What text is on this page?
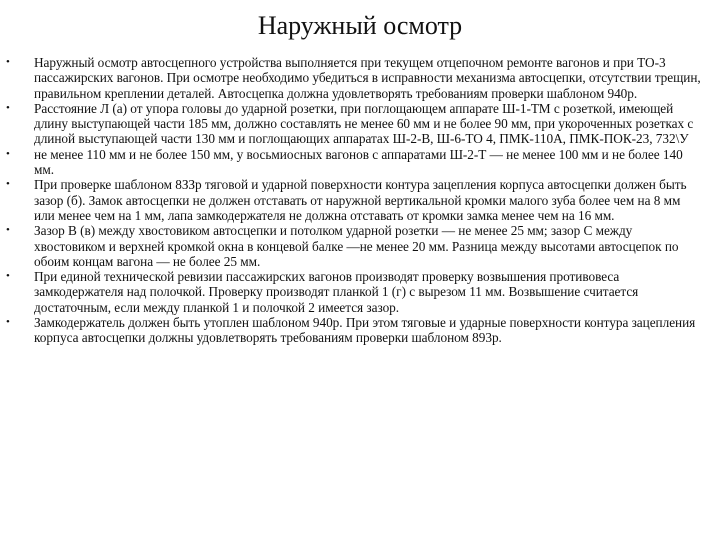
Наружный осмотр
• Наружный осмотр автосцепного устройства выполняется при текущем отцепочном ремонте вагонов и при ТО-3 пассажирских вагонов. При осмотре необходимо убедиться в исправности механизма автосцепки, отсутствии трещин, правильном креплении деталей. Автосцепка должна удовлетворять требованиям проверки шаблоном 940р.
• Расстояние Л (а) от упора головы до ударной розетки, при поглощающем аппарате Ш-1-ТМ с розеткой, имеющей длину выступающей части 185 мм, должно составлять не менее 60 мм и не более 90 мм, при укороченных розетках с длиной выступающей части 130 мм и поглощающих аппаратах Ш-2-В, Ш-6-ТО 4, ПМК-110А, ПМК-ПОК-23, 732\У
• не менее 110 мм и не более 150 мм, у восьмиосных вагонов с аппаратами Ш-2-Т — не менее 100 мм и не более 140 мм.
• При проверке шаблоном 8ЗЗр тяговой и ударной поверхности контура зацепления корпуса автосцепки должен быть зазор (б). Замок автосцепки не должен отставать от наружной вертикальной кромки малого зуба более чем на 8 мм или менее чем на 1 мм, лапа замкодержателя не должна отставать от кромки замка менее чем на 16 мм.
• Зазор В (в) между хвостовиком автосцепки и потолком ударной розетки — не менее 25 мм; зазор С между хвостовиком и верхней кромкой окна в концевой балке —не менее 20 мм. Разница между высотами автосцепок по обоим концам вагона — не более 25 мм.
• При единой технической ревизии пассажирских вагонов производят проверку возвышения противовеса замкодержателя над полочкой. Проверку производят планкой 1 (г) с вырезом 11 мм. Возвышение считается достаточным, если между планкой 1 и полочкой 2 имеется зазор.
• Замкодержатель должен быть утоплен шаблоном 940р. При этом тяговые и ударные поверхности контура зацепления корпуса автосцепки должны удовлетворять требованиям проверки шаблоном 893р.
